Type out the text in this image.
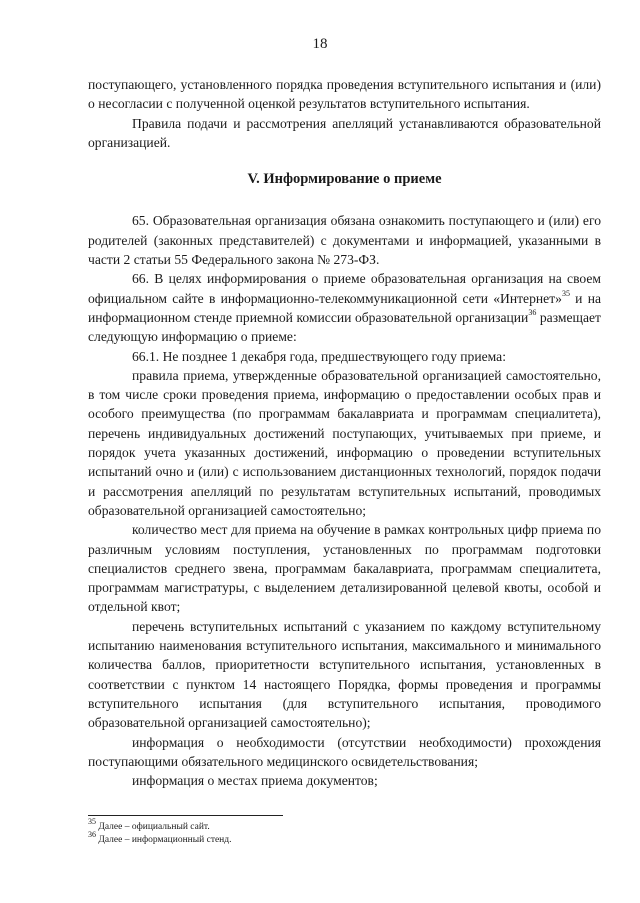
18

поступающего, установленного порядка проведения вступительного испытания и (или) о несогласии с полученной оценкой результатов вступительного испытания.

Правила подачи и рассмотрения апелляций устанавливаются образовательной организацией.

V. Информирование о приеме

65. Образовательная организация обязана ознакомить поступающего и (или) его родителей (законных представителей) с документами и информацией, указанными в части 2 статьи 55 Федерального закона № 273-ФЗ.

66. В целях информирования о приеме образовательная организация на своем официальном сайте в информационно-телекоммуникационной сети «Интернет»$^{35}$ и на информационном стенде приемной комиссии образовательной организации$^{36}$ размещает следующую информацию о приеме:

66.1. Не позднее 1 декабря года, предшествующего году приема:

правила приема, утвержденные образовательной организацией самостоятельно, в том числе сроки проведения приема, информацию о предоставлении особых прав и особого преимущества (по программам бакалавриата и программам специалитета), перечень индивидуальных достижений поступающих, учитываемых при приеме, и порядок учета указанных достижений, информацию о проведении вступительных испытаний очно и (или) с использованием дистанционных технологий, порядок подачи и рассмотрения апелляций по результатам вступительных испытаний, проводимых образовательной организацией самостоятельно;

количество мест для приема на обучение в рамках контрольных цифр приема по различным условиям поступления, установленных по программам подготовки специалистов среднего звена, программам бакалавриата, программам специалитета, программам магистратуры, с выделением детализированной целевой квоты, особой и отдельной квот;

перечень вступительных испытаний с указанием по каждому вступительному испытанию наименования вступительного испытания, максимального и минимального количества баллов, приоритетности вступительного испытания, установленных в соответствии с пунктом 14 настоящего Порядка, формы проведения и программы вступительного испытания (для вступительного испытания, проводимого образовательной организацией самостоятельно);

информация о необходимости (отсутствии необходимости) прохождения поступающими обязательного медицинского освидетельствования;

информация о местах приема документов;

$^{35}$ Далее – официальный сайт.
$^{36}$ Далее – информационный стенд.
